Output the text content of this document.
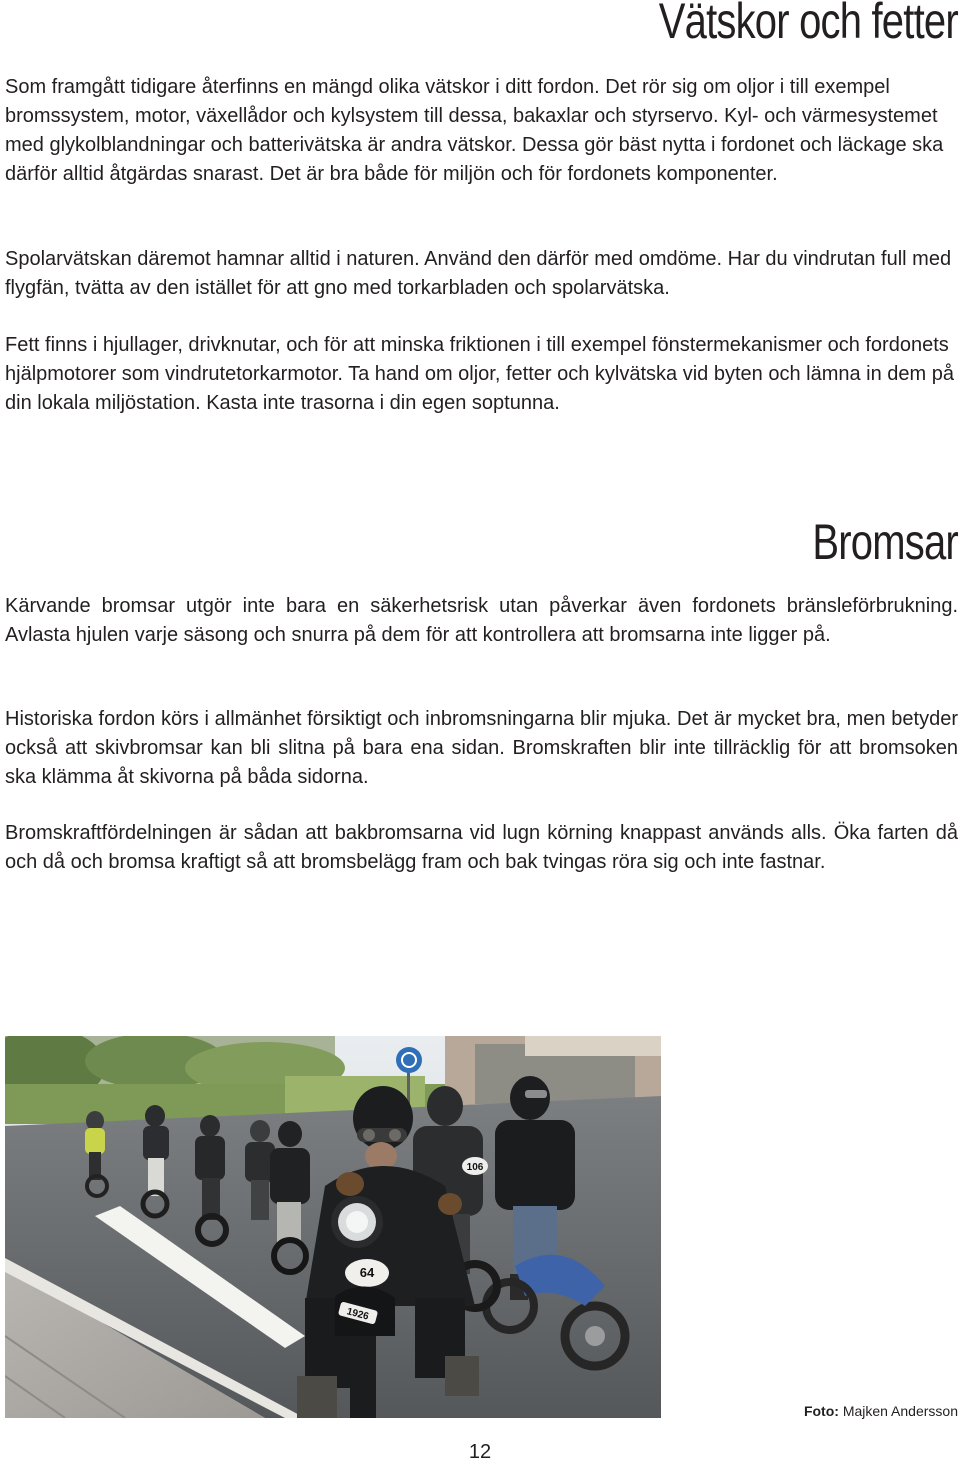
Vätskor och fetter

Som framgått tidigare återfinns en mängd olika vätskor i ditt fordon. Det rör sig om oljor i till exempel bromssystem, motor, växellådor och kylsystem till dessa, bakaxlar och styrservo. Kyl- och värmesystemet med glykolblandningar och batterivätska är andra vätskor. Dessa gör bäst nytta i fordonet och läckage ska därför alltid åtgärdas snarast. Det är bra både för miljön och för fordonets komponenter.

Spolarvätskan däremot hamnar alltid i naturen. Använd den därför med omdöme. Har du vindrutan full med flygfän, tvätta av den istället för att gno med torkarbladen och spolarvätska.

Fett finns i hjullager, drivknutar, och för att minska friktionen i till exempel fönstermekanismer och fordonets hjälpmotorer som vindrutetorkarmotor. Ta hand om oljor, fetter och kylvätska vid byten och lämna in dem på din lokala miljöstation. Kasta inte trasorna i din egen soptunna.

Bromsar

Kärvande bromsar utgör inte bara en säkerhetsrisk utan påverkar även fordonets bränsleförbrukning. Avlasta hjulen varje säsong och snurra på dem för att kontrollera att bromsarna inte ligger på.

Historiska fordon körs i allmänhet försiktigt och inbromsningarna blir mjuka. Det är mycket bra, men betyder också att skivbromsar kan bli slitna på bara ena sidan. Bromskraften blir inte tillräcklig för att bromsoken ska klämma åt skivorna på båda sidorna.

Bromskraftfördelningen är sådan att bakbromsarna vid lugn körning knappast används alls. Öka farten då och då och bromsa kraftigt så att bromsbelägg fram och bak tvingas röra sig och inte fastnar.

106
64
1926
Foto: Majken Andersson
12
